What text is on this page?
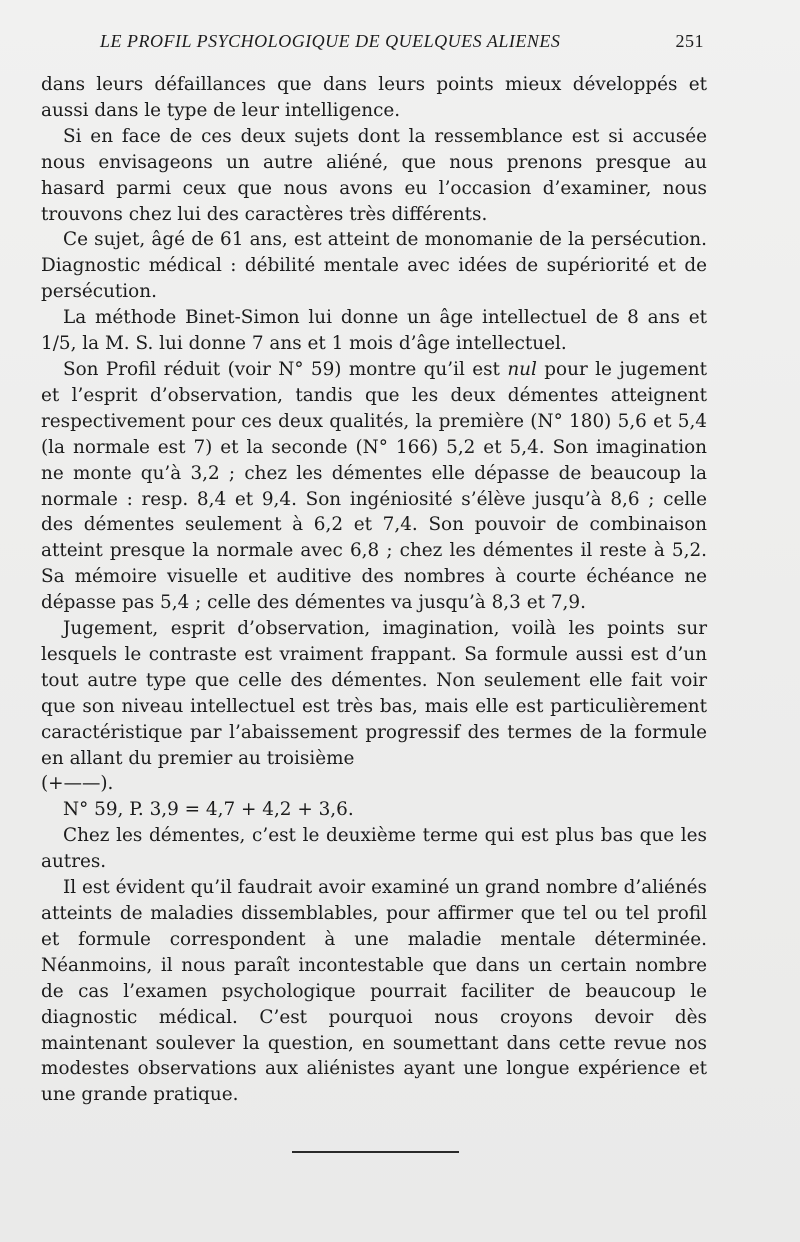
LE PROFIL PSYCHOLOGIQUE DE QUELQUES ALIENES	251

dans leurs défaillances que dans leurs points mieux développés et aussi dans le type de leur intelligence.

Si en face de ces deux sujets dont la ressemblance est si accusée nous envisageons un autre aliéné, que nous prenons presque au hasard parmi ceux que nous avons eu l’occasion d’examiner, nous trouvons chez lui des caractères très différents.

Ce sujet, âgé de 61 ans, est atteint de monomanie de la persécution. Diagnostic médical : débilité mentale avec idées de supériorité et de persécution.

La méthode Binet-Simon lui donne un âge intellectuel de 8 ans et 1/5, la M. S. lui donne 7 ans et 1 mois d’âge intellectuel.

Son Profil réduit (voir N° 59) montre qu’il est nul pour le jugement et l’esprit d’observation, tandis que les deux démentes atteignent respectivement pour ces deux qualités, la première (N° 180) 5,6 et 5,4 (la normale est 7) et la seconde (N° 166) 5,2 et 5,4. Son imagination ne monte qu’à 3,2 ; chez les démentes elle dépasse de beaucoup la normale : resp. 8,4 et 9,4. Son ingéniosité s’élève jusqu’à 8,6 ; celle des démentes seulement à 6,2 et 7,4. Son pouvoir de combinaison atteint presque la normale avec 6,8 ; chez les démentes il reste à 5,2. Sa mémoire visuelle et auditive des nombres à courte échéance ne dépasse pas 5,4 ; celle des démentes va jusqu’à 8,3 et 7,9.

Jugement, esprit d’observation, imagination, voilà les points sur lesquels le contraste est vraiment frappant. Sa formule aussi est d’un tout autre type que celle des démentes. Non seulement elle fait voir que son niveau intellectuel est très bas, mais elle est particulièrement caractéristique par l’abaissement progressif des termes de la formule en allant du premier au troisième

(+——).

N° 59, P. 3,9 = 4,7 + 4,2 + 3,6.

Chez les démentes, c’est le deuxième terme qui est plus bas que les autres.

Il est évident qu’il faudrait avoir examiné un grand nombre d’aliénés atteints de maladies dissemblables, pour affirmer que tel ou tel profil et formule correspondent à une maladie mentale déterminée. Néanmoins, il nous paraît incontestable que dans un certain nombre de cas l’examen psychologique pourrait faciliter de beaucoup le diagnostic médical. C’est pourquoi nous croyons devoir dès maintenant soulever la question, en soumettant dans cette revue nos modestes observations aux aliénistes ayant une longue expérience et une grande pratique.
